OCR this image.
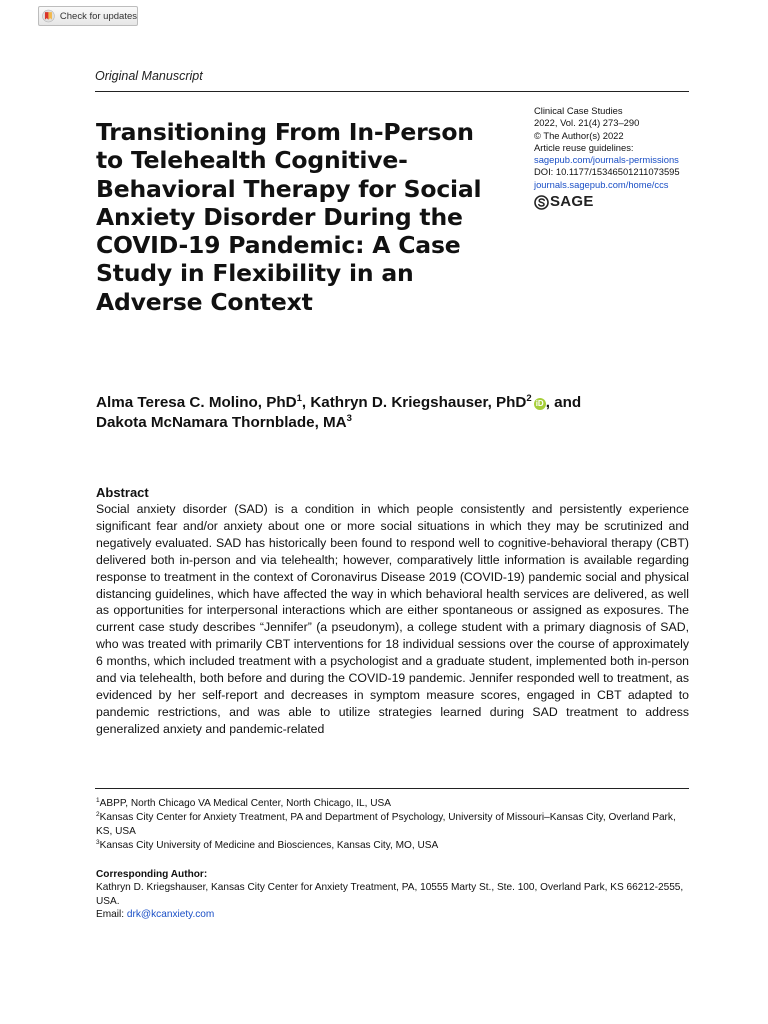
Check for updates
Original Manuscript
Transitioning From In-Person to Telehealth Cognitive-Behavioral Therapy for Social Anxiety Disorder During the COVID-19 Pandemic: A Case Study in Flexibility in an Adverse Context
Clinical Case Studies
2022, Vol. 21(4) 273–290
© The Author(s) 2022
Article reuse guidelines:
sagepub.com/journals-permissions
DOI: 10.1177/15346501211073595
journals.sagepub.com/home/ccs
SAGE

Alma Teresa C. Molino, PhD$^1$, Kathryn D. Kriegshauser, PhD$^2$ iD , and
Dakota McNamara Thornblade, $MA^3$

Abstract

Social anxiety disorder (SAD) is a condition in which people consistently and persistently experience significant fear and/or anxiety about one or more social situations in which they may be scrutinized and negatively evaluated. SAD has historically been found to respond well to cognitive-behavioral therapy (CBT) delivered both in-person and via telehealth; however, comparatively little information is available regarding response to treatment in the context of Coronavirus Disease 2019 (COVID-19) pandemic social and physical distancing guidelines, which have affected the way in which behavioral health services are delivered, as well as opportunities for interpersonal interactions which are either spontaneous or assigned as exposures. The current case study describes “Jennifer” (a pseudonym), a college student with a primary diagnosis of SAD, who was treated with primarily CBT interventions for 18 individual sessions over the course of approximately 6 months, which included treatment with a psychologist and a graduate student, implemented both in-person and via telehealth, both before and during the COVID-19 pandemic. Jennifer responded well to treatment, as evidenced by her self-report and decreases in symptom measure scores, engaged in CBT adapted to pandemic restrictions, and was able to utilize strategies learned during SAD treatment to address generalized anxiety and pandemic-related

$^1$ABPP, North Chicago VA Medical Center, North Chicago, IL, USA
$^2$Kansas City Center for Anxiety Treatment, PA and Department of Psychology, University of Missouri–Kansas City, Overland Park, KS, USA
$^3$Kansas City University of Medicine and Biosciences, Kansas City, MO, USA
Corresponding Author:
Kathryn D. Kriegshauser, Kansas City Center for Anxiety Treatment, PA, 10555 Marty St., Ste. 100, Overland Park, KS 66212-2555, USA.
Email: drk@kcanxiety.com
